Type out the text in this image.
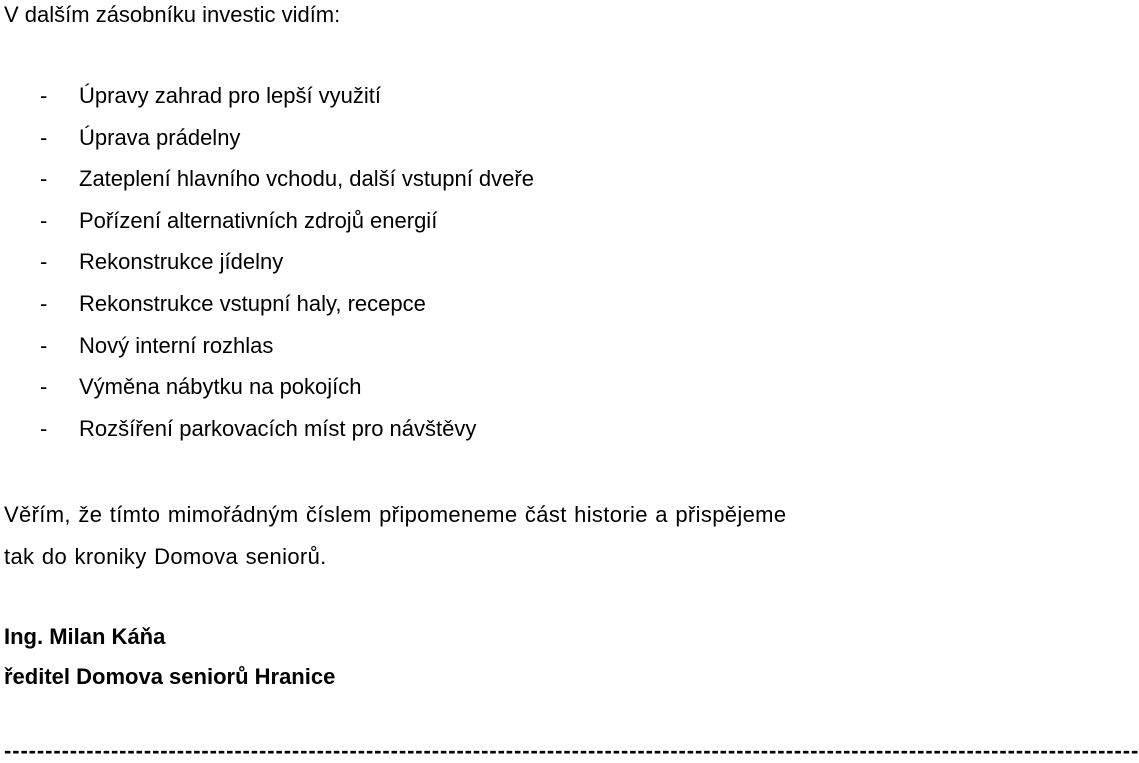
V dalším zásobníku investic vidím:
- Úpravy zahrad pro lepší využití
- Úprava prádelny
- Zateplení hlavního vchodu, další vstupní dveře
- Pořízení alternativních zdrojů energií
- Rekonstrukce jídelny
- Rekonstrukce vstupní haly, recepce
- Nový interní rozhlas
- Výměna nábytku na pokojích
- Rozšíření parkovacích míst pro návštěvy

Věřím, že tímto mimořádným číslem připomeneme část historie a přispějeme

tak do kroniky Domova seniorů.

Ing. Milan Káňa
ředitel Domova seniorů Hranice
------------------------------------------------------------------------------------------------------------------------------------------
